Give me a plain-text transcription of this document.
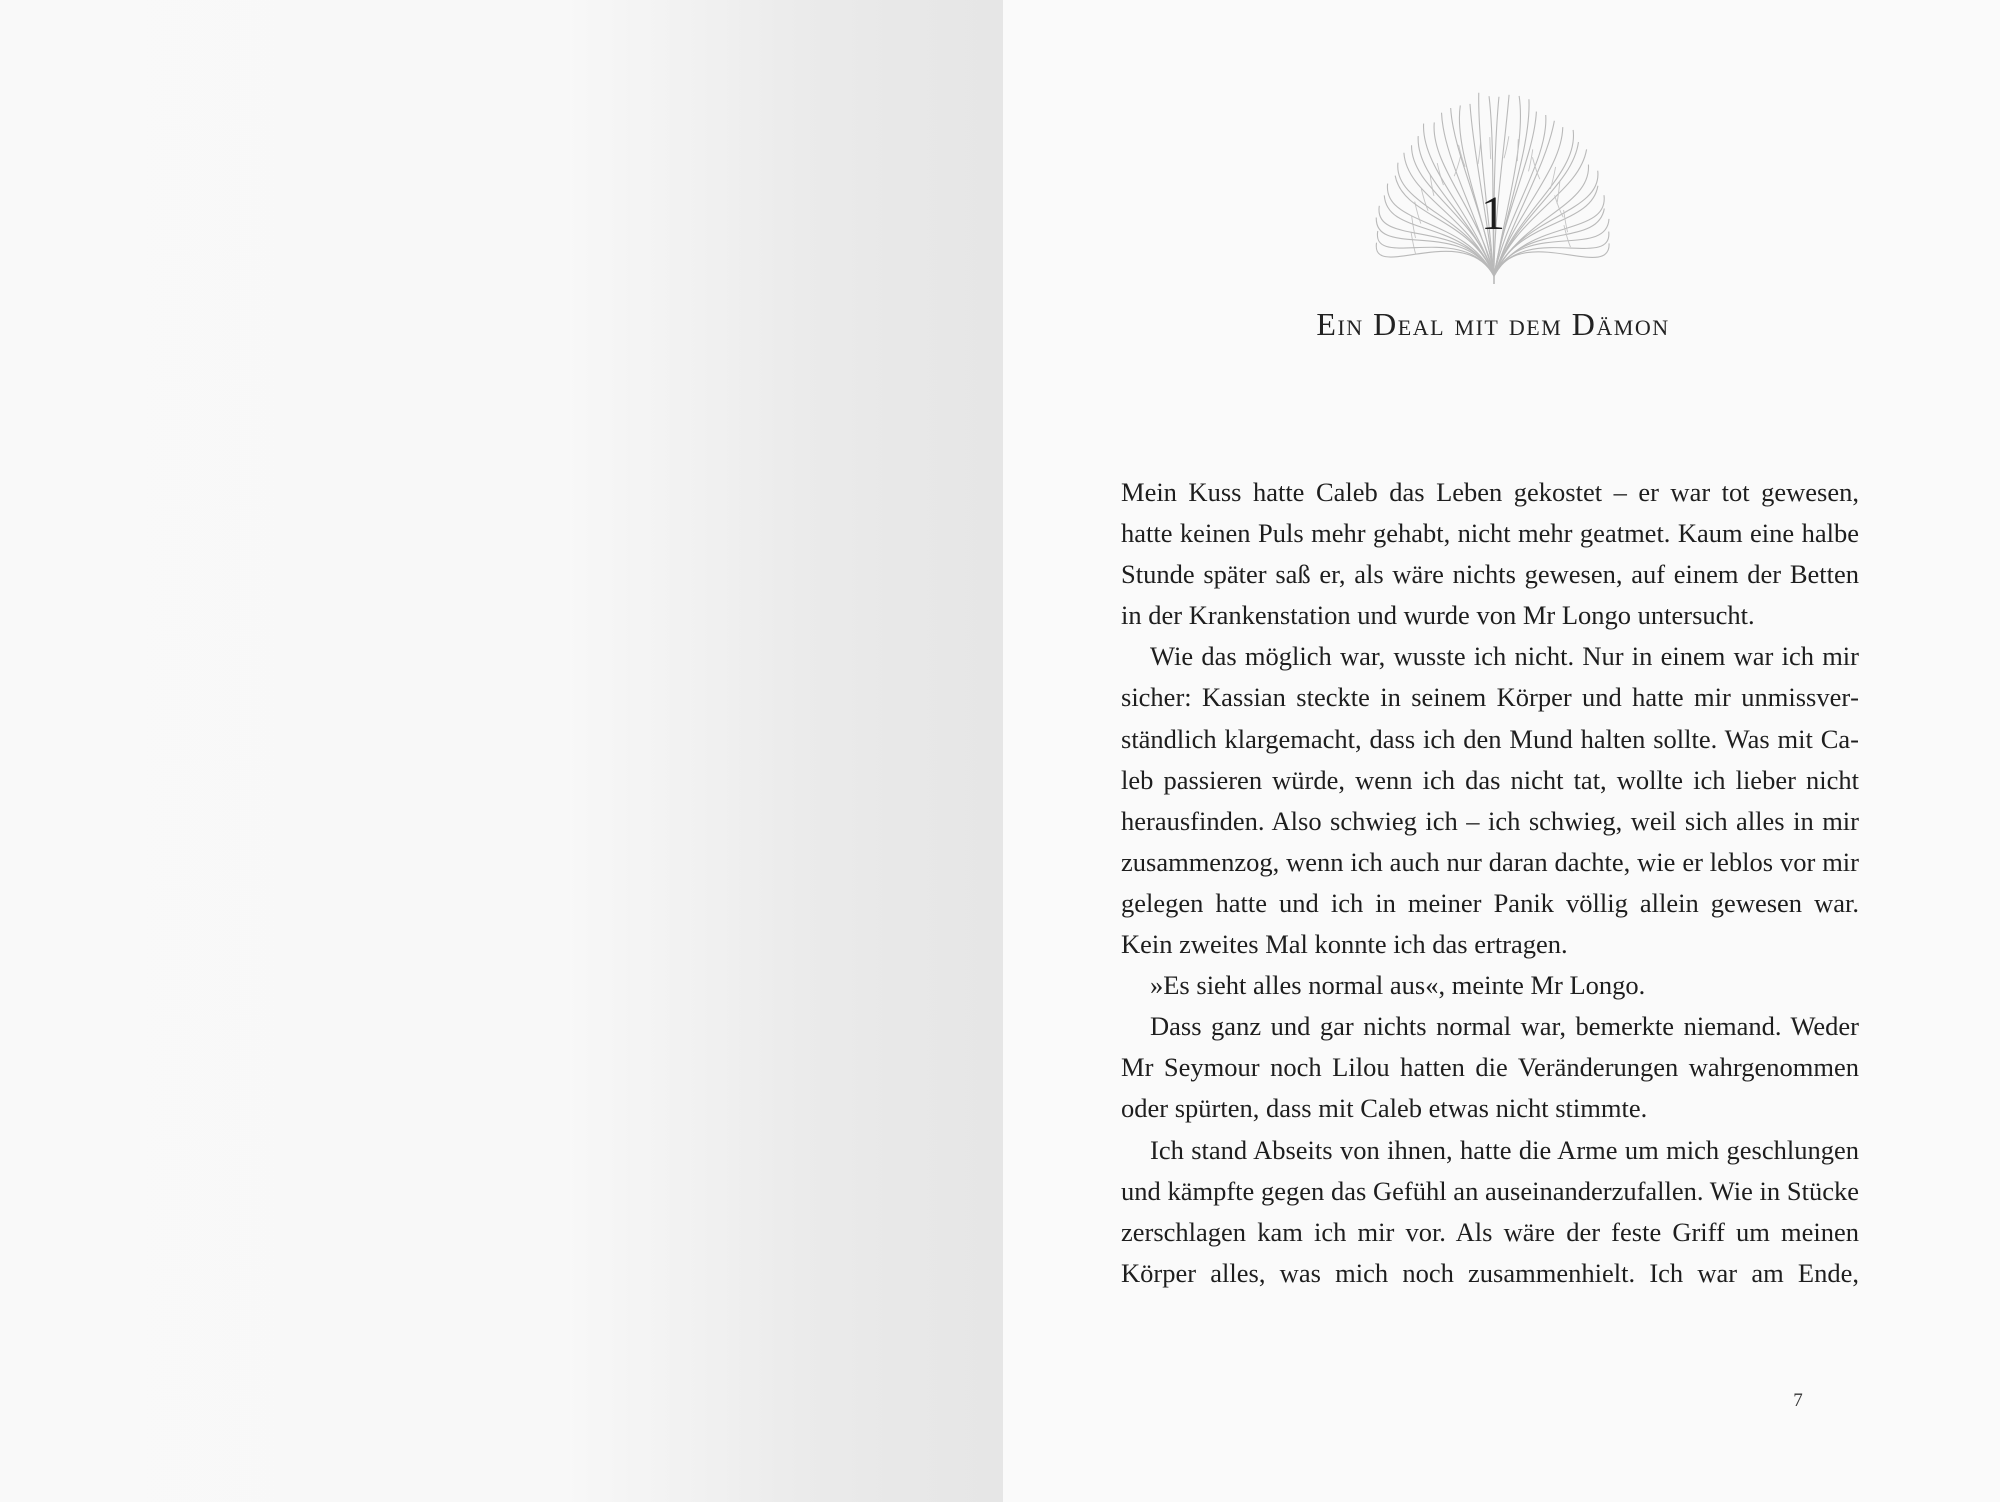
1
Ein Deal mit dem Dämon

Mein Kuss hatte Caleb das Leben gekostet – er war tot gewesen, hatte keinen Puls mehr gehabt, nicht mehr geatmet. Kaum eine halbe Stunde später saß er, als wäre nichts gewesen, auf einem der Betten in der Krankenstation und wurde von Mr Longo untersucht.

Wie das möglich war, wusste ich nicht. Nur in einem war ich mir sicher: Kassian steckte in seinem Körper und hatte mir unmissverständlich klargemacht, dass ich den Mund halten sollte. Was mit Caleb passieren würde, wenn ich das nicht tat, wollte ich lieber nicht herausfinden. Also schwieg ich – ich schwieg, weil sich alles in mir zusammenzog, wenn ich auch nur daran dachte, wie er leblos vor mir gelegen hatte und ich in meiner Panik völlig allein gewesen war. Kein zweites Mal konnte ich das ertragen.

»Es sieht alles normal aus«, meinte Mr Longo.

Dass ganz und gar nichts normal war, bemerkte niemand. Weder Mr Seymour noch Lilou hatten die Veränderungen wahrgenommen oder spürten, dass mit Caleb etwas nicht stimmte.

Ich stand Abseits von ihnen, hatte die Arme um mich geschlungen und kämpfte gegen das Gefühl an auseinanderzufallen. Wie in Stücke zerschlagen kam ich mir vor. Als wäre der feste Griff um meinen Körper alles, was mich noch zusammenhielt. Ich war am Ende,

7
